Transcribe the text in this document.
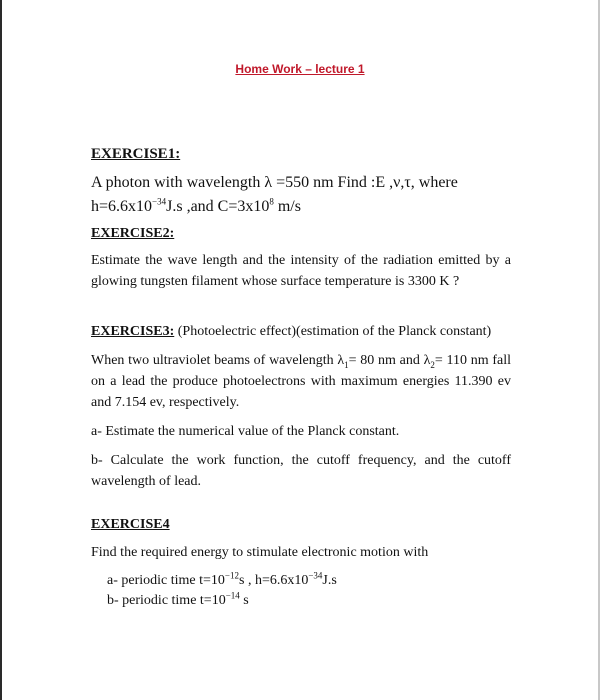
Home Work – lecture 1
EXERCISE1:
A photon with wavelength λ =550 nm Find :E ,ν,τ, where
$h=6.6x10^{-34}J.s$ ,and $C=3x10^8$ m/s
EXERCISE2:
Estimate the wave length and the intensity of the radiation emitted by a glowing tungsten filament whose surface temperature is 3300 K ?
EXERCISE3: (Photoelectric effect)(estimation of the Planck constant)
When two ultraviolet beams of wavelength $\lambda_1= 80$ nm and $\lambda_2= 110$ nm fall on a lead the produce photoelectrons with maximum energies 11.390 ev and 7.154 ev, respectively.
a- Estimate the numerical value of the Planck constant.
b- Calculate the work function, the cutoff frequency, and the cutoff wavelength of lead.
EXERCISE4
Find the required energy to stimulate electronic motion with
a- periodic time $t=10^{-12}s$ , $h=6.6x10^{-34}J.s$
b- periodic time $t=10^{-14}$ s
